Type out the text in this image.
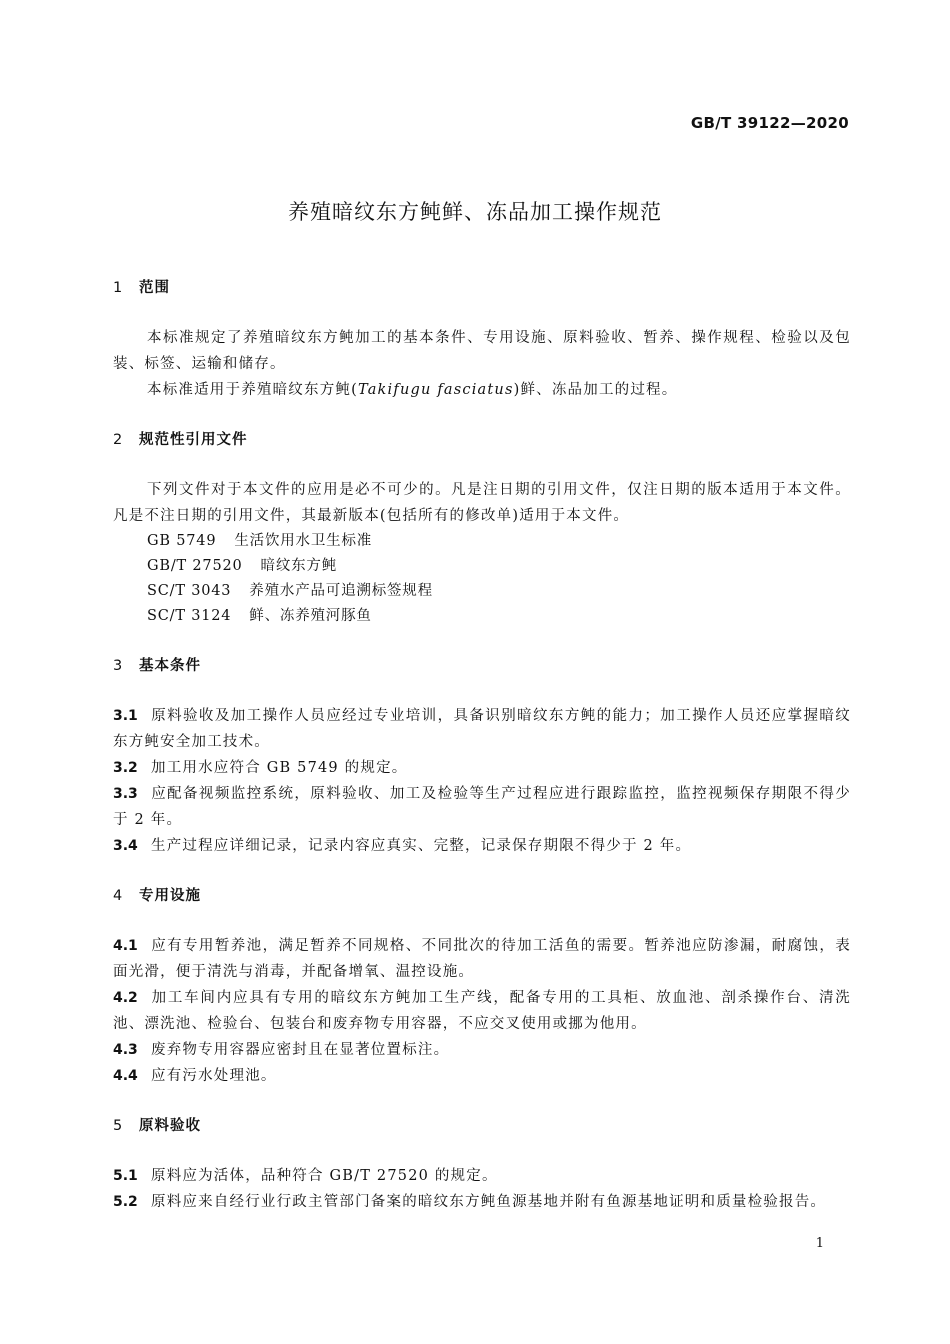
GB/T 39122—2020
养殖暗纹东方鲀鲜、冻品加工操作规范
1 范围

本标准规定了养殖暗纹东方鲀加工的基本条件、专用设施、原料验收、暂养、操作规程、检验以及包装、标签、运输和储存。

本标准适用于养殖暗纹东方鲀(Takifugu fasciatus)鲜、冻品加工的过程。

2 规范性引用文件

下列文件对于本文件的应用是必不可少的。凡是注日期的引用文件，仅注日期的版本适用于本文件。凡是不注日期的引用文件，其最新版本(包括所有的修改单)适用于本文件。

GB 5749 生活饮用水卫生标准

GB/T 27520 暗纹东方鲀

SC/T 3043 养殖水产品可追溯标签规程

SC/T 3124 鲜、冻养殖河豚鱼

3 基本条件

3.1 原料验收及加工操作人员应经过专业培训，具备识别暗纹东方鲀的能力；加工操作人员还应掌握暗纹东方鲀安全加工技术。

3.2 加工用水应符合 GB 5749 的规定。

3.3 应配备视频监控系统，原料验收、加工及检验等生产过程应进行跟踪监控，监控视频保存期限不得少于 2 年。

3.4 生产过程应详细记录，记录内容应真实、完整，记录保存期限不得少于 2 年。

4 专用设施

4.1 应有专用暂养池，满足暂养不同规格、不同批次的待加工活鱼的需要。暂养池应防渗漏，耐腐蚀，表面光滑，便于清洗与消毒，并配备增氧、温控设施。

4.2 加工车间内应具有专用的暗纹东方鲀加工生产线，配备专用的工具柜、放血池、剖杀操作台、清洗池、漂洗池、检验台、包装台和废弃物专用容器，不应交叉使用或挪为他用。

4.3 废弃物专用容器应密封且在显著位置标注。

4.4 应有污水处理池。

5 原料验收

5.1 原料应为活体，品种符合 GB/T 27520 的规定。

5.2 原料应来自经行业行政主管部门备案的暗纹东方鲀鱼源基地并附有鱼源基地证明和质量检验报告。

1
